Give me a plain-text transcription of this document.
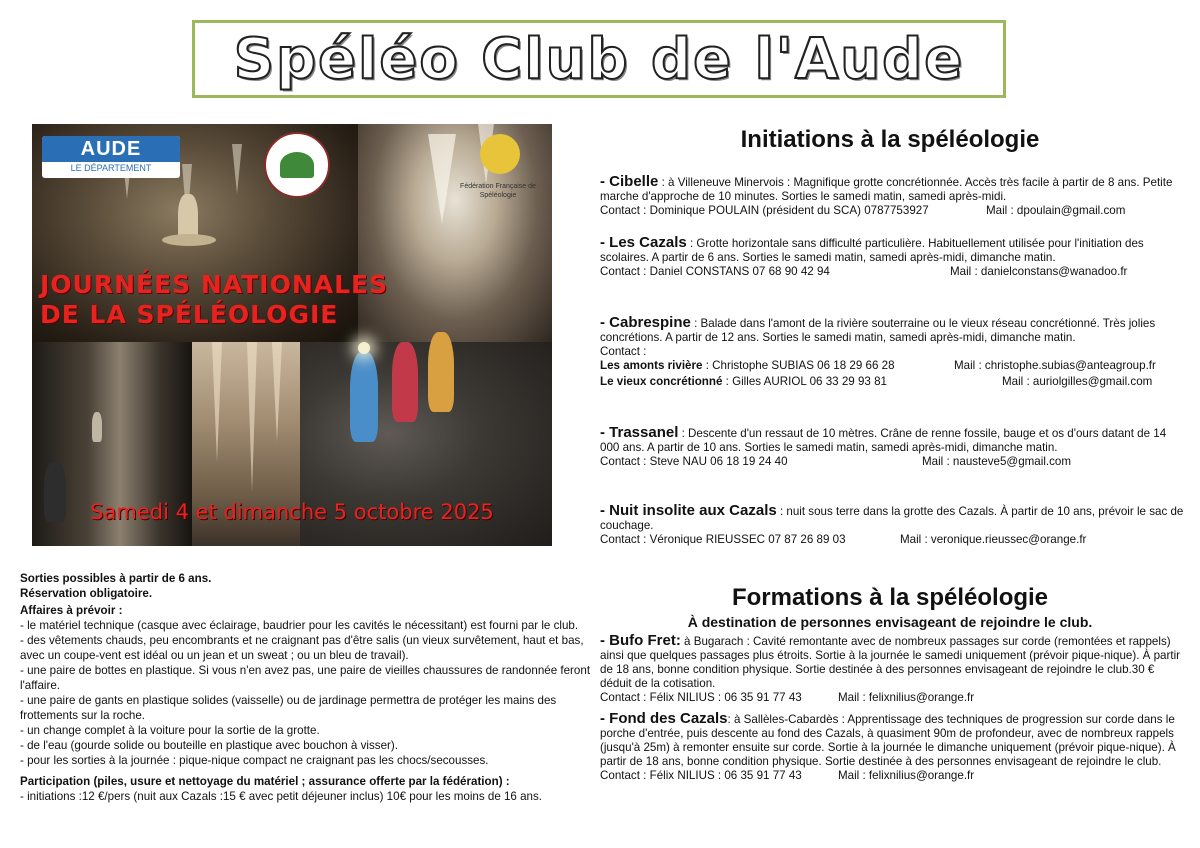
Spéléo Club de l'Aude
AUDE
LE DÉPARTEMENT
Fédération Française de Spéléologie
JOURNÉES NATIONALES
DE LA SPÉLÉOLOGIE
Samedi 4 et dimanche 5 octobre 2025
Initiations à la spéléologie

- Cibelle : à Villeneuve Minervois : Magnifique grotte concrétionnée. Accès très facile à partir de 8 ans. Petite marche d'approche de 10 minutes. Sorties le samedi matin, samedi après-midi.

Contact : Dominique POULAIN (président du SCA) 0787753927	Mail : dpoulain@gmail.com

- Les Cazals : Grotte horizontale sans difficulté particulière. Habituellement utilisée pour l'initiation des scolaires. A partir de 6 ans. Sorties le samedi matin, samedi après-midi, dimanche matin.

Contact : Daniel CONSTANS 07 68 90 42 94	Mail : danielconstans@wanadoo.fr

- Cabrespine : Balade dans l'amont de la rivière souterraine ou le vieux réseau concrétionné. Très jolies concrétions. A partir de 12 ans. Sorties le samedi matin, samedi après-midi, dimanche matin.

Contact :

Les amonts rivière : Christophe SUBIAS 06 18 29 66 28	Mail : christophe.subias@anteagroup.fr
Le vieux concrétionné : Gilles AURIOL 06 33 29 93 81	Mail : auriolgilles@gmail.com

- Trassanel : Descente d'un ressaut de 10 mètres. Crâne de renne fossile, bauge et os d'ours datant de 14 000 ans. A partir de 10 ans. Sorties le samedi matin, samedi après-midi, dimanche matin.

Contact : Steve NAU 06 18 19 24 40	Mail : nausteve5@gmail.com

- Nuit insolite aux Cazals : nuit sous terre dans la grotte des Cazals. À partir de 10 ans, prévoir le sac de couchage.

Contact : Véronique RIEUSSEC 07 87 26 89 03	Mail : veronique.rieussec@orange.fr
Formations à la spéléologie
À destination de personnes envisageant de rejoindre le club.

- Bufo Fret: à Bugarach : Cavité remontante avec de nombreux passages sur corde (remontées et rappels) ainsi que quelques passages plus étroits. Sortie à la journée le samedi uniquement (prévoir pique-nique). À partir de 18 ans, bonne condition physique. Sortie destinée à des personnes envisageant de rejoindre le club.30 € déduit de la cotisation.

Contact : Félix NILIUS : 06 35 91 77 43	Mail : felixnilius@orange.fr

- Fond des Cazals: à Sallèles-Cabardès : Apprentissage des techniques de progression sur corde dans le porche d'entrée, puis descente au fond des Cazals, à quasiment 90m de profondeur, avec de nombreux rappels (jusqu'à 25m) à remonter ensuite sur corde. Sortie à la journée le dimanche uniquement (prévoir pique-nique). À partir de 18 ans, bonne condition physique. Sortie destinée à des personnes envisageant de rejoindre le club.

Contact : Félix NILIUS : 06 35 91 77 43	Mail : felixnilius@orange.fr

Sorties possibles à partir de 6 ans.

Réservation obligatoire.

Affaires à prévoir :

- le matériel technique (casque avec éclairage, baudrier pour les cavités le nécessitant) est fourni par le club.

- des vêtements chauds, peu encombrants et ne craignant pas d'être salis (un vieux survêtement, haut et bas, avec un coupe-vent est idéal ou un jean et un sweat ; ou un bleu de travail).

- une paire de bottes en plastique. Si vous n'en avez pas, une paire de vieilles chaussures de randonnée feront l'affaire.

- une paire de gants en plastique solides (vaisselle) ou de jardinage permettra de protéger les mains des frottements sur la roche.

- un change complet à la voiture pour la sortie de la grotte.

- de l'eau (gourde solide ou bouteille en plastique avec bouchon à visser).

- pour les sorties à la journée : pique-nique compact ne craignant pas les chocs/secousses.

Participation (piles, usure et nettoyage du matériel ; assurance offerte par la fédération) :

- initiations :12 €/pers (nuit aux Cazals :15 € avec petit déjeuner inclus) 10€ pour les moins de 16 ans.
